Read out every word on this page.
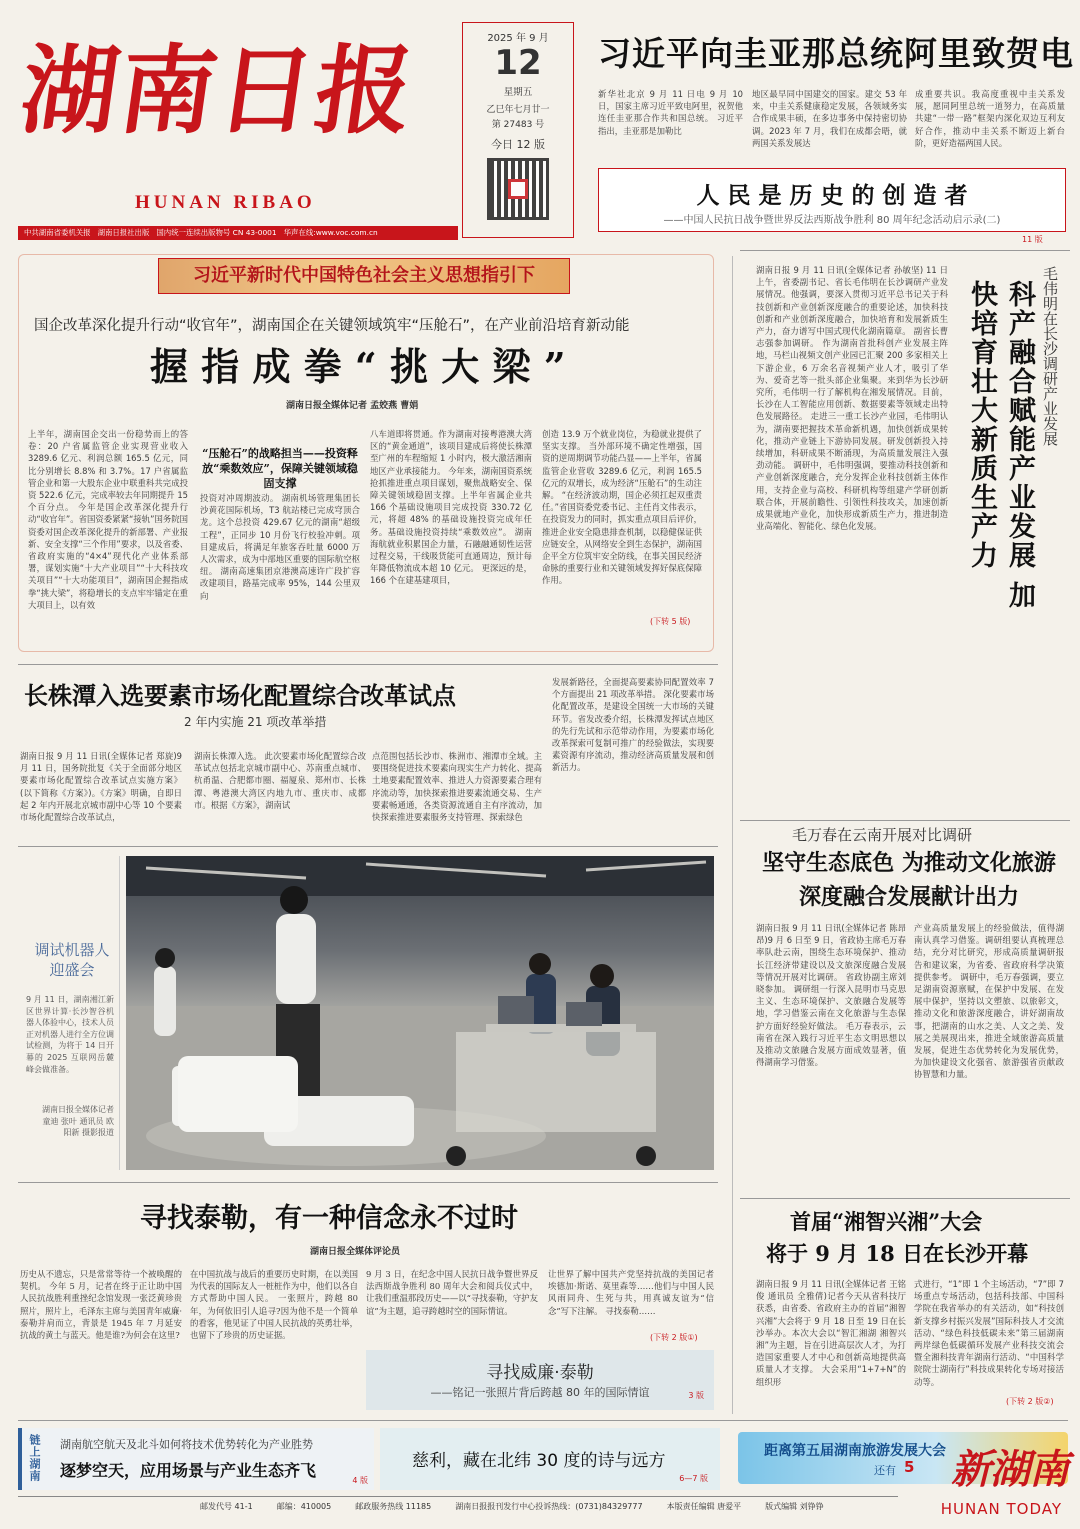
湖南日报
HUNAN RIBAO
中共湖南省委机关报 湖南日报社出版 国内统一连续出版物号 CN 43-0001 华声在线:www.voc.com.cn
2025 年 9 月
12
星期五
乙巳年七月廿一
第 27483 号
今日 12 版
习近平向圭亚那总统阿里致贺电
新华社北京 9 月 11 日电 9 月 10 日，国家主席习近平致电阿里，祝贺他连任圭亚那合作共和国总统。 习近平指出，圭亚那是加勒比
地区最早同中国建交的国家。建交 53 年来，中圭关系健康稳定发展，各领域务实合作成果丰硕，在多边事务中保持密切协调。2023 年 7 月，我们在成都会晤，就两国关系发展达
成重要共识。我高度重视中圭关系发展，愿同阿里总统一道努力，在高质量共建“一带一路”框架内深化双边互利友好合作，推动中圭关系不断迈上新台阶，更好造福两国人民。
人 民 是 历 史 的 创 造 者
——中国人民抗日战争暨世界反法西斯战争胜利 80 周年纪念活动启示录(二)
11 版
习近平新时代中国特色社会主义思想指引下
国企改革深化提升行动“收官年”，湖南国企在关键领域筑牢“压舱石”，在产业前沿培育新动能
握 指 成 拳 “ 挑 大 梁 ”
湖南日报全媒体记者 孟姣燕 曹娟
上半年，湖南国企交出一份稳势而上的答卷：20 户省属监管企业实现营业收入 3289.6 亿元、利润总额 165.5 亿元，同比分别增长 8.8% 和 3.7%。17 户省属监管企业和第一大股东企业中联重科共完成投资 522.6 亿元，完成率较去年同期提升 15 个百分点。 今年是国企改革深化提升行动“收官年”。省国资委紧紧“接轨”国务院国资委对国企改革深化提升的新部署、产业报新、安全支撑“三个作用”要求，以及省委、省政府实施的“4×4”现代化产业体系部署，谋划实施“十大产业项目”“十大科技攻关项目”“十大功能项目”，湖南国企握指成拳“挑大梁”，将稳增长的支点牢牢锚定在重大项目上，以有效
投资对冲周期波动。 湖南机场管理集团长沙黄花国际机场，T3 航站楼已完成穹顶合龙。这个总投资 429.67 亿元的湖南“超级工程”，正同步 10 月份飞行校验冲刺。项目建成后，将满足年旅客吞吐量 6000 万人次需求，成为中部地区重要的国际航空枢纽。 湖南高速集团京港澳高速许广段扩容改建项目，路基完成率 95%，144 公里双向
“压舱石”的战略担当——投资释放“乘数效应”，保障关键领域稳固支撑
八车道即将贯通。作为湖南对接粤港澳大湾区的“黄金通道”，该项目建成后将使长株潭至广州的车程缩短 1 小时内，极大激活湘南地区产业承接能力。 今年来，湖南国资系统抢抓推进重点项目谋划，聚焦战略安全、保障关键领域稳固支撑。上半年省属企业共 166 个基础设施项目完成投资 330.72 亿元，将超 48% 的基础设施投资完成年任务。基础设施投资持续“乘数效应”。 湖南海航就业积累国企力量，石融融通韧性运营过程交易，干线吸货能可直通周边，预计每年降低物流成本超 10 亿元。 更深远的是，166 个在建基建项目，
创造 13.9 万个就业岗位，为稳就业提供了坚实支撑。 当外部环境不确定性增强，国资的逆周期调节功能凸显——上半年，省属监管企业营收 3289.6 亿元，利润 165.5 亿元的双增长，成为经济“压舱石”的生动注解。 “在经济波动期，国企必须扛起双重责任。”省国资委党委书记、主任肖文伟表示，在投资发力的同时，抓实重点项目后评价，推进企业安全隐患排查机制，以稳健保证供应链安全，从网络安全到生态保护，湖南国企平全方位筑牢安全防线，在事关国民经济命脉的重要行业和关键领域发挥好保底保障作用。
(下转 5 版)
长株潭入选要素市场化配置综合改革试点
2 年内实施 21 项改革举措
湖南日报 9 月 11 日讯(全媒体记者 郑旋)9 月 11 日，国务院批复《关于全面部分地区要素市场化配置综合改革试点实施方案》(以下简称《方案》)。《方案》明确，自即日起 2 年内开展北京城市副中心等 10 个要素市场化配置综合改革试点，
湖南长株潭入选。 此次要素市场化配置综合改革试点包括北京城市副中心、苏南重点城市、杭甬温、合肥都市圈、福厦泉、郑州市、长株潭、粤港澳大湾区内地九市、重庆市、成都市。根据《方案》，湖南试
点范围包括长沙市、株洲市、湘潭市全域。主要围绕促进技术要素向现实生产力转化、提高土地要素配置效率、推进人力资源要素合理有序流动等，加快探索推进要素流通交易、生产要素畅通通，各类资源流通自主有序流动，加快探索推进要素服务支持管理、探索绿色
发展新路径，全面提高要素协同配置效率 7 个方面提出 21 项改革举措。 深化要素市场化配置改革，是建设全国统一大市场的关键环节。省发改委介绍，长株潭发挥试点地区的先行先试和示范带动作用，为要素市场化改革探索可复制可推广的经验做法，实现要素资源有序流动，推动经济高质量发展和创新活力。
调试机器人 迎盛会
9 月 11 日，湖南湘江新区世界计算·长沙智谷机器人体验中心，技术人员正对机器人进行全方位调试检测，为将于 14 日开幕的 2025 互联网岳麓峰会做准备。
湖南日报全媒体记者 童迪 张叶 通讯员 欧阳新 摄影报道
寻找泰勒，有一种信念永不过时
湖南日报全媒体评论员
历史从不遗忘，只是常常等待一个被唤醒的契机。 今年 5 月，记者在终于正让助中国人民抗战胜利重挫纪念馆发现一张泛黄珍贵照片，照片上，毛泽东主席与美国青年威廉·泰勒并肩而立，背景是 1945 年 7 月延安抗战的黄土与蓝天。他是谁?为何会在这里?
在中国抗战与战后的重要历史时期，在以美国为代表的国际友人一桩桩作为中，他们以各自方式帮助中国人民。 一张照片，跨越 80 年，为何依旧引人追寻?因为他不是一个简单的看客，他见证了中国人民抗战的英勇壮举，也留下了珍贵的历史证据。
9 月 3 日，在纪念中国人民抗日战争暨世界反法西斯战争胜利 80 周年大会和阅兵仪式中，让我们重温那段历史——以“寻找泰勒，守护友谊”为主题，追寻跨越时空的国际情谊。
让世界了解中国共产党坚持抗战的美国记者埃德加·斯诺、莫里森等……他们与中国人民风雨同舟、生死与共，用真诚友谊为“信念”写下注解。 寻找泰勒……
(下转 2 版①)
寻找威廉·泰勒
——铭记一张照片背后跨越 80 年的国际情谊	3 版
湖南日报 9 月 11 日讯(全媒体记者 孙敏坚) 11 日上午，省委副书记、省长毛伟明在长沙调研产业发展情况。他强调，要深入贯彻习近平总书记关于科技创新和产业创新深度融合的重要论述，加快科技创新和产业创新深度融合，加快培育和发展新质生产力，奋力谱写中国式现代化湖南篇章。 副省长曹志强参加调研。 作为湖南首批科创产业发展主阵地，马栏山视频文创产业园已汇聚 200 多家相关上下游企业，6 万余名音视频产业人才，吸引了华为、爱奇艺等一批头部企业集聚。来到华为长沙研究所，毛伟明一行了解机构在湘发展情况。目前，长沙在人工智能应用创新、数据要素等领域走出特色发展路径。 走进三一重工长沙产业园，毛伟明认为，湖南要把握技术革命新机遇，加快创新成果转化，推动产业链上下游协同发展。研发创新投入持续增加，科研成果不断涌现，为高质量发展注入强劲动能。 调研中，毛伟明强调，要推动科技创新和产业创新深度融合，充分发挥企业科技创新主体作用，支持企业与高校、科研机构等组建产学研创新联合体，开展前瞻性、引领性科技攻关，加速创新成果就地产业化，加快形成新质生产力，推进制造业高端化、智能化、绿色化发展。	科产融合赋能产业发展 加快培育壮大新质生产力	毛伟明在长沙调研产业发展
毛万春在云南开展对比调研
坚守生态底色 为推动文化旅游深度融合发展献计出力
湖南日报 9 月 11 日讯(全媒体记者 陈昂昂)9 月 6 日至 9 日，省政协主席毛万春率队赴云南，围绕生态环境保护、推动长江经济带建设以及文旅深度融合发展等情况开展对比调研。 省政协副主席刘晓参加。 调研组一行深入昆明市马克思主义、生态环境保护、文旅融合发展等地，学习借鉴云南在文化旅游与生态保护方面好经验好做法。 毛万春表示，云南省在深入践行习近平生态文明思想以及推动文旅融合发展方面成效显著，值得湖南学习借鉴。
产业高质量发展上的经验做法，值得湖南认真学习借鉴。调研组要认真梳理总结，充分对比研究，形成高质量调研报告和建议案，为省委、省政府科学决策提供参考。 调研中，毛万春强调，要立足湖南资源禀赋，在保护中发展、在发展中保护，坚持以文塑旅、以旅彰文，推动文化和旅游深度融合，讲好湖南故事，把湖南的山水之美、人文之美、发展之美展现出来，推进全域旅游高质量发展，促进生态优势转化为发展优势，为加快建设文化强省、旅游强省贡献政协智慧和力量。
首届“湘智兴湘”大会
将于 9 月 18 日在长沙开幕
湖南日报 9 月 11 日讯(全媒体记者 王铭俊 通讯员 全雅倩)记者今天从省科技厅获悉，由省委、省政府主办的首届“湘智兴湘”大会将于 9 月 18 日至 19 日在长沙举办。本次大会以“智汇湘湖 湘智兴湘”为主题，旨在引进高层次人才，为打造国家重要人才中心和创新高地提供高质量人才支撑。 大会采用“1+7+N”的组织形
式进行，“1”即 1 个主场活动，“7”即 7 场重点专场活动，包括科技部、中国科学院在我省举办的有关活动，如“科技创新支撑乡村振兴发展”国际科技人才交流活动、“绿色科技低碳未来”第三届湖南两岸绿色低碳循环发展产业科技交流会暨全湘科技青年湖南行活动、“中国科学院院士湖南行”科技成果转化专场对接活动等。
(下转 2 版②)
链上湖南 湖南航空航天及北斗如何将技术优势转化为产业胜势
逐梦空天，应用场景与产业生态齐飞
4 版
慈利，藏在北纬 30 度的诗与远方
6—7 版
距离第五届湖南旅游发展大会
还有 5 新湖南
HUNAN TODAY
邮发代号 41-1	邮编：410005	邮政服务热线 11185	湖南日报报刊发行中心投诉热线：(0731)84329777	本版责任编辑 唐爱平	版式编辑 刘铮铮
